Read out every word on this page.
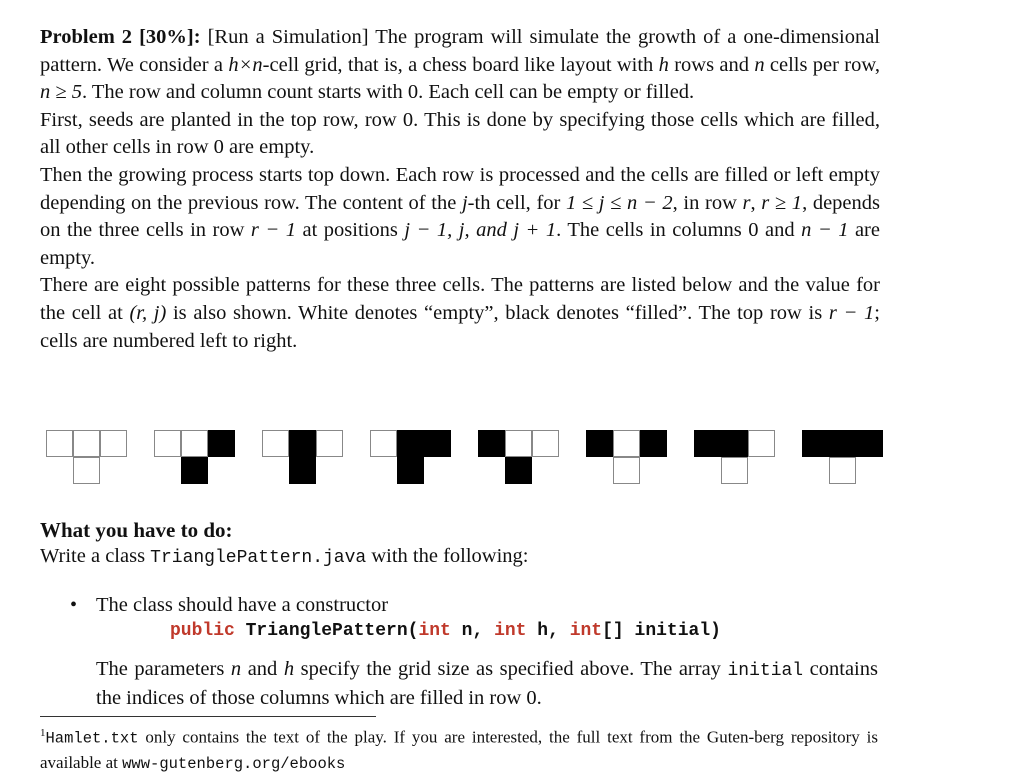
Problem 2 [30%]: [Run a Simulation] The program will simulate the growth of a one-dimensional pattern. We consider a h×n-cell grid, that is, a chess board like layout with h rows and n cells per row, n ≥ 5. The row and column count starts with 0. Each cell can be empty or filled.

First, seeds are planted in the top row, row 0. This is done by specifying those cells which are filled, all other cells in row 0 are empty.

Then the growing process starts top down. Each row is processed and the cells are filled or left empty depending on the previous row. The content of the j-th cell, for 1 ≤ j ≤ n − 2, in row r, r ≥ 1, depends on the three cells in row r − 1 at positions j − 1, j, and j + 1. The cells in columns 0 and n − 1 are empty.

There are eight possible patterns for these three cells. The patterns are listed below and the value for the cell at (r, j) is also shown. White denotes “empty”, black denotes “filled”. The top row is r − 1; cells are numbered left to right.

What you have to do:
Write a class TrianglePattern.java with the following:
• The class should have a constructor
public TrianglePattern(int n, int h, int[] initial)
The parameters n and h specify the grid size as specified above. The array initial contains the indices of those columns which are filled in row 0.
$^1$Hamlet.txt only contains the text of the play. If you are interested, the full text from the Guten-berg repository is available at www-gutenberg.org/ebooks
